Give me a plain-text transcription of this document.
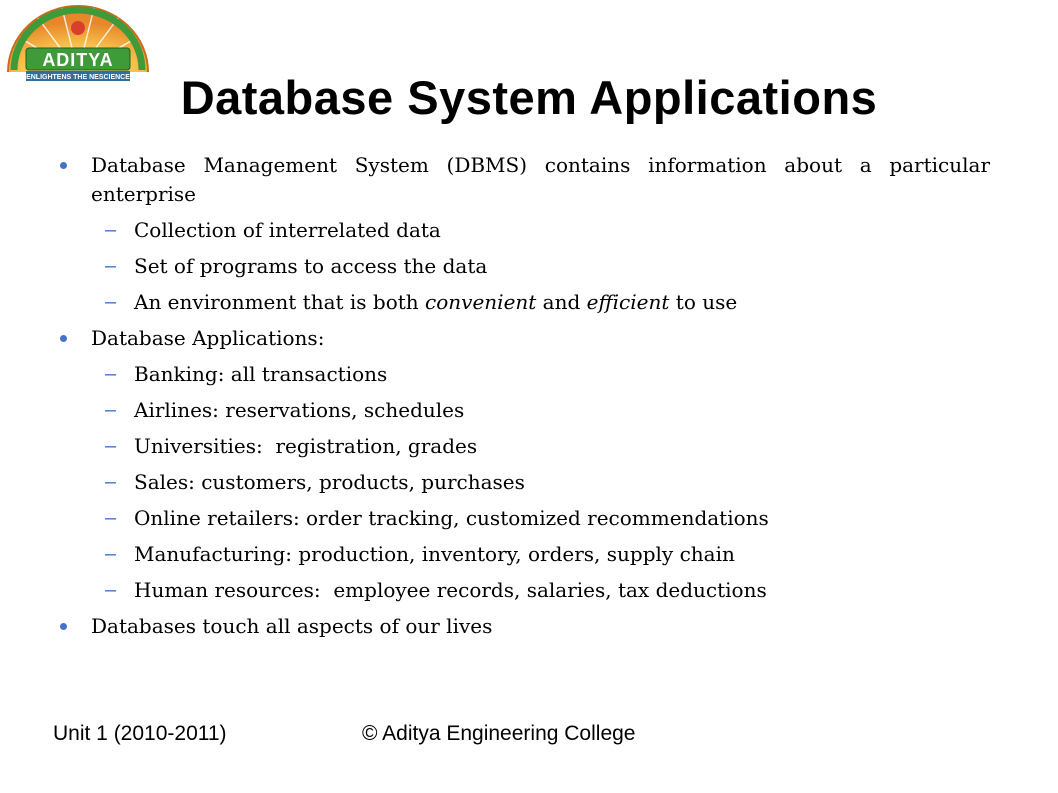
ADITYA
ENLIGHTENS THE NESCIENCE	Database System Applications
Database Management System (DBMS) contains information about a particular enterprise
– Collection of interrelated data
– Set of programs to access the data
– An environment that is both convenient and efficient to use
Database Applications:
– Banking: all transactions
– Airlines: reservations, schedules
– Universities:  registration, grades
– Sales: customers, products, purchases
– Online retailers: order tracking, customized recommendations
– Manufacturing: production, inventory, orders, supply chain
– Human resources:  employee records, salaries, tax deductions
Databases touch all aspects of our lives
Unit 1 (2010-2011)	© Aditya Engineering College
